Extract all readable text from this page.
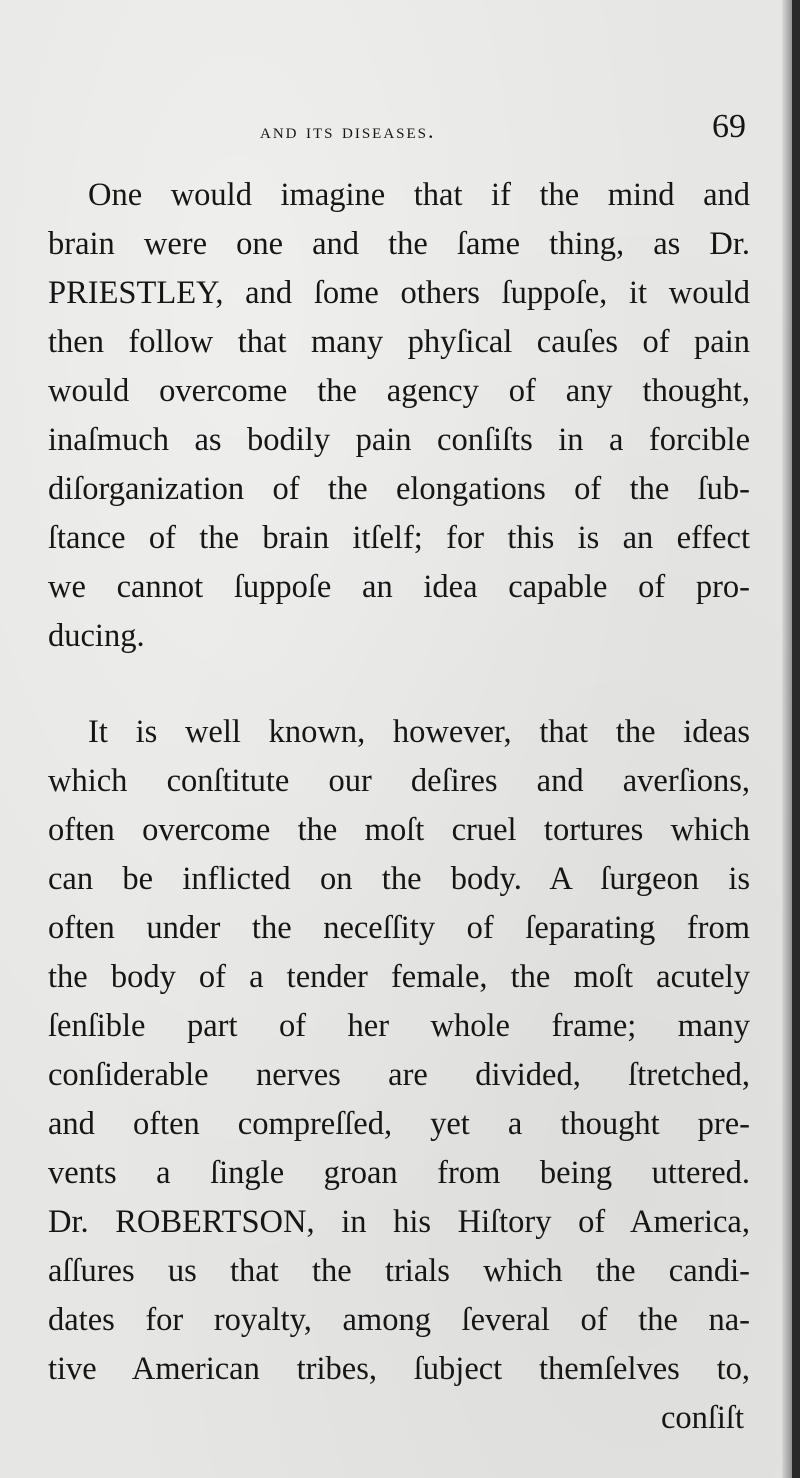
and its diseases.	69
One would imagine that if the mind and
brain were one and the ſame thing, as Dr.
PRIESTLEY, and ſome others ſuppoſe, it would
then follow that many phyſical cauſes of pain
would overcome the agency of any thought,
inaſmuch as bodily pain conſiſts in a forcible
diſorganization of the elongations of the ſub-
ſtance of the brain itſelf; for this is an effect
we cannot ſuppoſe an idea capable of pro-
ducing.
It is well known, however, that the ideas
which conſtitute our deſires and averſions,
often overcome the moſt cruel tortures which
can be inflicted on the body. A ſurgeon is
often under the neceſſity of ſeparating from
the body of a tender female, the moſt acutely
ſenſible part of her whole frame; many
conſiderable nerves are divided, ſtretched,
and often compreſſed, yet a thought pre-
vents a ſingle groan from being uttered.
Dr. ROBERTSON, in his Hiſtory of America,
aſſures us that the trials which the candi-
dates for royalty, among ſeveral of the na-
tive American tribes, ſubject themſelves to,
conſiſt
